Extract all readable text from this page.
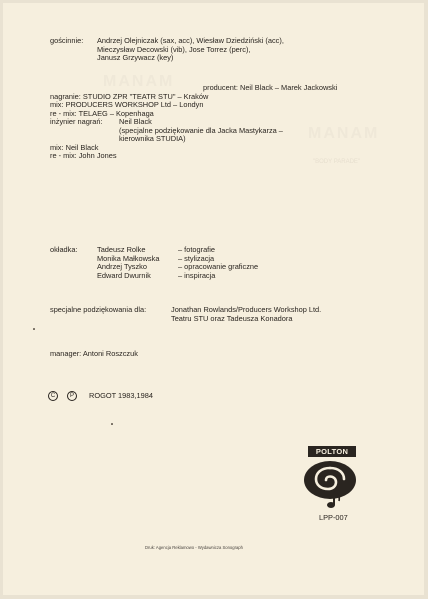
MANAM
MANAM
"BODY PARADE"
gościnnie: Andrzej Olejniczak (sax, acc), Wiesław Dziedziński (acc),
Mieczysław Decowski (vib), Jose Torrez (perc),
Janusz Grzywacz (key)
producent: Neil Black – Marek Jackowski
nagranie: STUDIO ZPR "TEATR STU" – Kraków
mix: PRODUCERS WORKSHOP Ltd – Londyn
re - mix: TELAEG – Kopenhaga
inżynier nagrań: Neil Black
(specjalne podziękowanie dla Jacka Mastykarza –
kierownika STUDIA)
mix: Neil Black
re - mix: John Jones
okładka:	Tadeusz Rolke	– fotografie
Monika Małkowska	– stylizacja
Andrzej Tyszko	– opracowanie graficzne
Edward Dwurnik	– inspiracja
specjalne podziękowania dla:	Jonathan Rowlands/Producers Workshop Ltd.
Teatru STU oraz Tadeusza Konadora
manager: Antoni Roszczuk
C	P	ROGOT 1983,1984
POLTON
LPP-007
Druk: Agencja Reklamowo - Wydawnicza Sonograph
